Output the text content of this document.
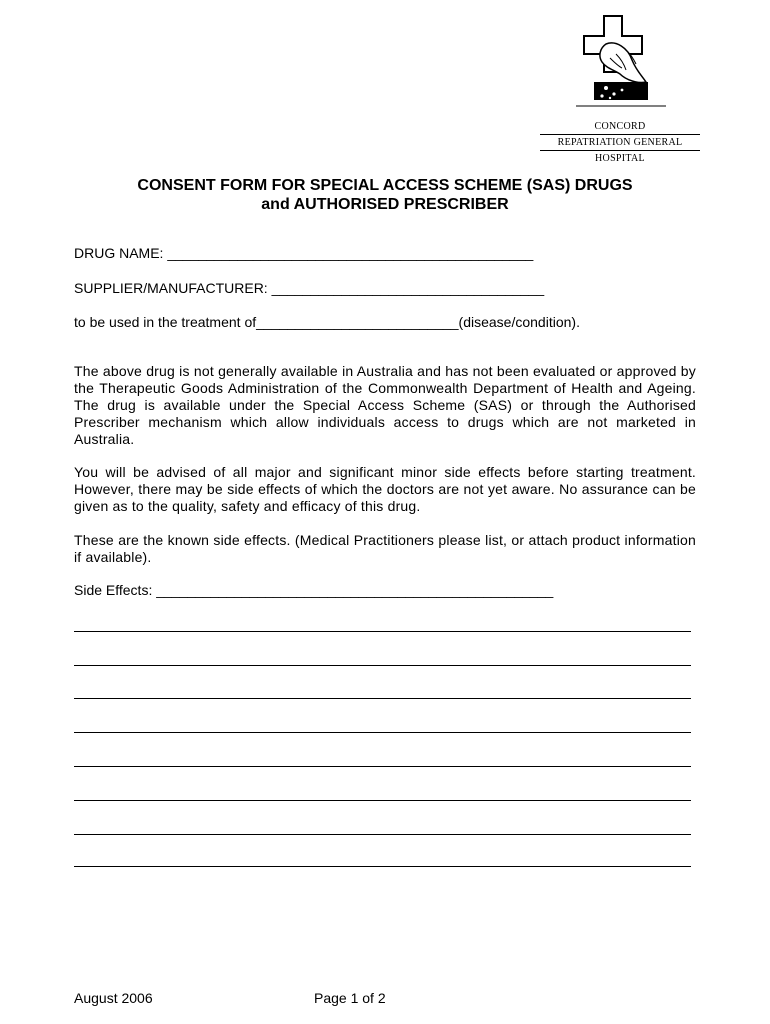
CONCORD
REPATRIATION GENERAL
HOSPITAL
CONSENT FORM FOR SPECIAL ACCESS SCHEME (SAS) DRUGS
and AUTHORISED PRESCRIBER
DRUG NAME: _______________________________________________
SUPPLIER/MANUFACTURER: ___________________________________
to be used in the treatment of__________________________(disease/condition).
The above drug is not generally available in Australia and has not been evaluated or approved by the Therapeutic Goods Administration of the Commonwealth Department of Health and Ageing. The drug is available under the Special Access Scheme (SAS) or through the Authorised Prescriber mechanism which allow individuals access to drugs which are not marketed in Australia.
You will be advised of all major and significant minor side effects before starting treatment. However, there may be side effects of which the doctors are not yet aware. No assurance can be given as to the quality, safety and efficacy of this drug.
These are the known side effects. (Medical Practitioners please list, or attach product information if available).
Side Effects: ___________________________________________________
August 2006	Page 1 of 2
